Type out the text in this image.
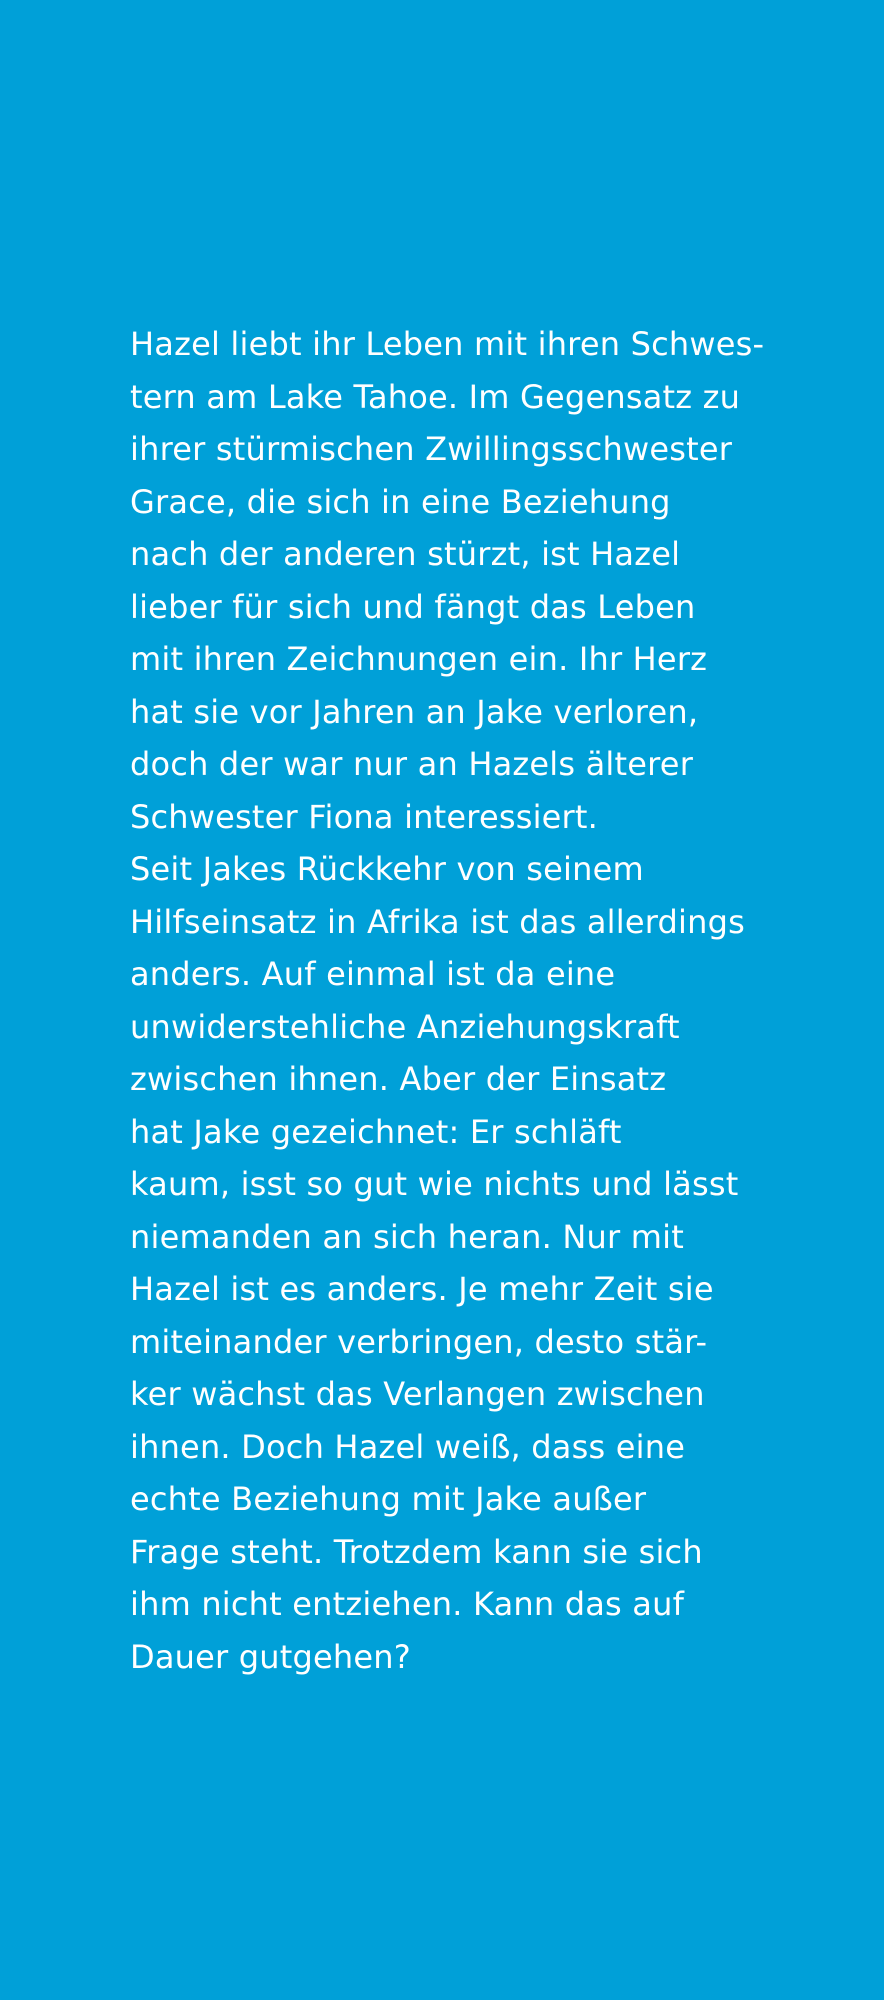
Hazel liebt ihr Leben mit ihren Schwes-
tern am Lake Tahoe. Im Gegensatz zu
ihrer stürmischen Zwillingsschwester
Grace, die sich in eine Beziehung
nach der anderen stürzt, ist Hazel
lieber für sich und fängt das Leben
mit ihren Zeichnungen ein. Ihr Herz
hat sie vor Jahren an Jake verloren,
doch der war nur an Hazels älterer
Schwester Fiona interessiert.
Seit Jakes Rückkehr von seinem
Hilfseinsatz in Afrika ist das allerdings
anders. Auf einmal ist da eine
unwiderstehliche Anziehungskraft
zwischen ihnen. Aber der Einsatz
hat Jake gezeichnet: Er schläft
kaum, isst so gut wie nichts und lässt
niemanden an sich heran. Nur mit
Hazel ist es anders. Je mehr Zeit sie
miteinander verbringen, desto stär-
ker wächst das Verlangen zwischen
ihnen. Doch Hazel weiß, dass eine
echte Beziehung mit Jake außer
Frage steht. Trotzdem kann sie sich
ihm nicht entziehen. Kann das auf
Dauer gutgehen?
